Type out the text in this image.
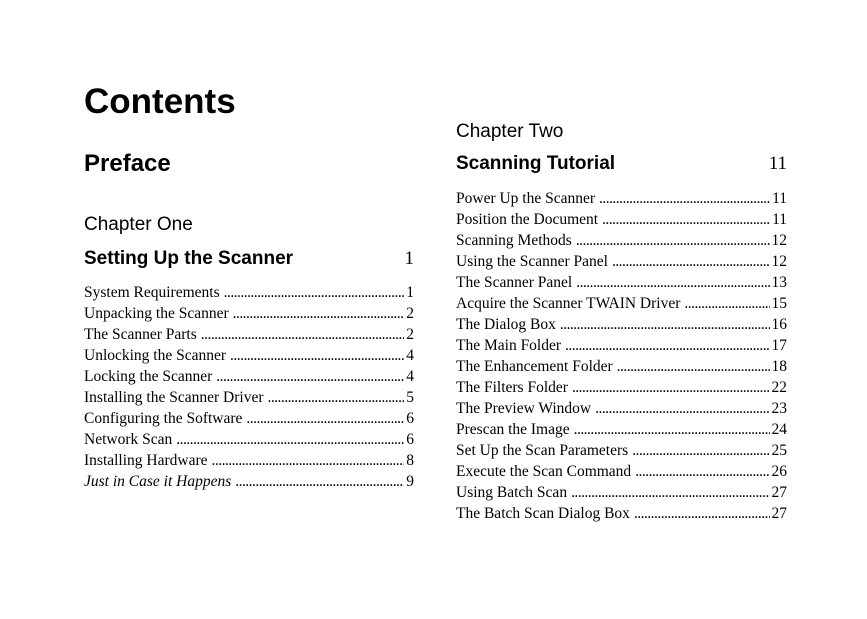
Contents
Preface
Chapter One
Setting Up the Scanner	1
System Requirements . . .	1
Unpacking the Scanner . . .	2
The Scanner Parts . . .	2
Unlocking the Scanner . . .	4
Locking the Scanner . . .	4
Installing the Scanner Driver . . .	5
Configuring the Software . . .	6
Network Scan . . .	6
Installing Hardware . . .	8
Just in Case it Happens . . .	9
Chapter Two
Scanning Tutorial	11
Power Up the Scanner . . .	11
Position the Document . . .	11
Scanning Methods . . .	12
Using the Scanner Panel . . .	12
The Scanner Panel . . .	13
Acquire the Scanner TWAIN Driver . . .	15
The Dialog Box . . .	16
The Main Folder . . .	17
The Enhancement Folder . . .	18
The Filters Folder . . .	22
The Preview Window . . .	23
Prescan the Image . . .	24
Set Up the Scan Parameters . . .	25
Execute the Scan Command . . .	26
Using Batch Scan . . .	27
The Batch Scan Dialog Box . . .	27
